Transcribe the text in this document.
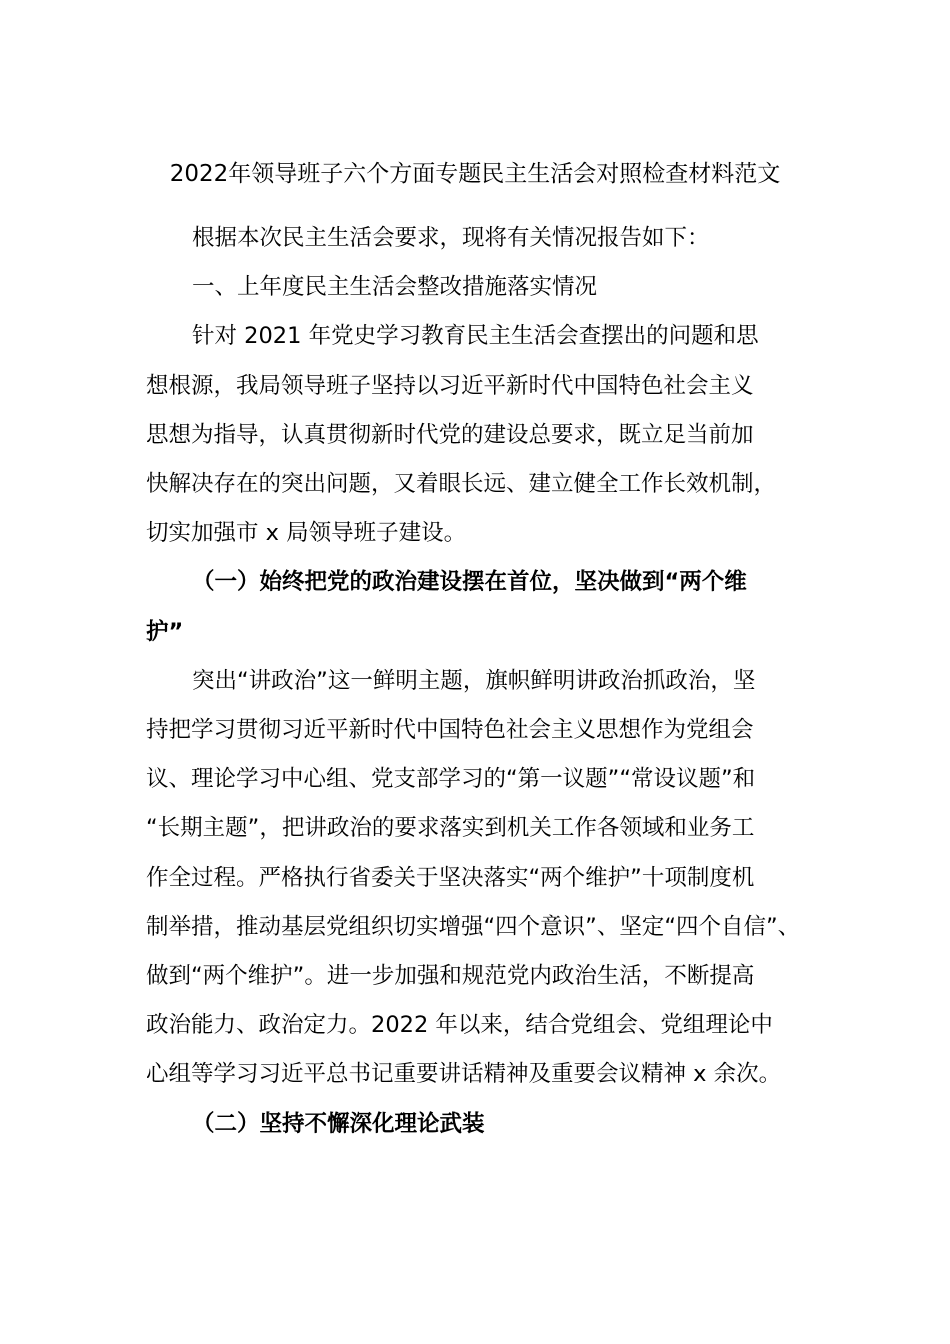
2022年领导班子六个方面专题民主生活会对照检查材料范文

根据本次民主生活会要求，现将有关情况报告如下：

一、上年度民主生活会整改措施落实情况

针对 2021 年党史学习教育民主生活会查摆出的问题和思
想根源，我局领导班子坚持以习近平新时代中国特色社会主义
思想为指导，认真贯彻新时代党的建设总要求，既立足当前加
快解决存在的突出问题，又着眼长远、建立健全工作长效机制，
切实加强市 x 局领导班子建设。

（一）始终把党的政治建设摆在首位，坚决做到“两个维
护”

突出“讲政治”这一鲜明主题，旗帜鲜明讲政治抓政治，坚
持把学习贯彻习近平新时代中国特色社会主义思想作为党组会
议、理论学习中心组、党支部学习的“第一议题”“常设议题”和
“长期主题”，把讲政治的要求落实到机关工作各领域和业务工
作全过程。严格执行省委关于坚决落实“两个维护”十项制度机
制举措，推动基层党组织切实增强“四个意识”、坚定“四个自信”、
做到“两个维护”。进一步加强和规范党内政治生活，不断提高
政治能力、政治定力。2022 年以来，结合党组会、党组理论中
心组等学习习近平总书记重要讲话精神及重要会议精神 x 余次。

（二）坚持不懈深化理论武装
